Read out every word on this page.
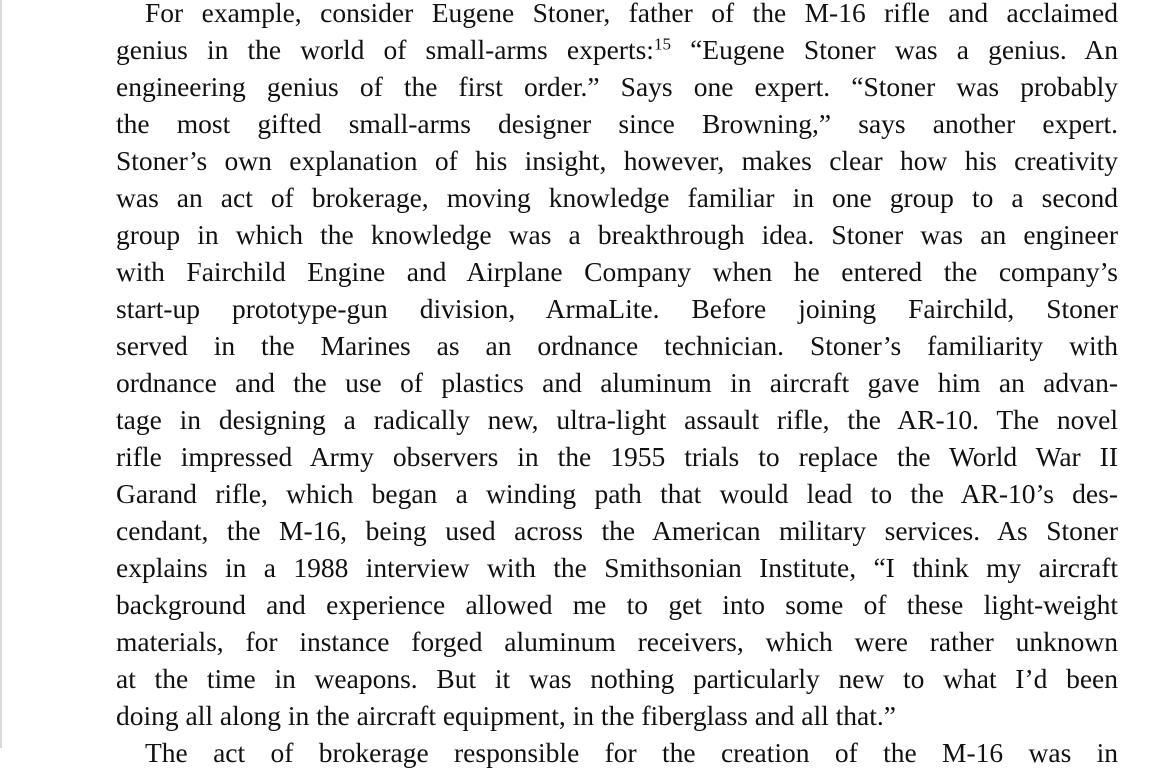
For example, consider Eugene Stoner, father of the M-16 rifle and acclaimed
genius in the world of small-arms experts:$^{15}$ “Eugene Stoner was a genius. An
engineering genius of the first order.” Says one expert. “Stoner was probably
the most gifted small-arms designer since Browning,” says another expert.
Stoner’s own explanation of his insight, however, makes clear how his creativity
was an act of brokerage, moving knowledge familiar in one group to a second
group in which the knowledge was a breakthrough idea. Stoner was an engineer
with Fairchild Engine and Airplane Company when he entered the company’s
start-up prototype-gun division, ArmaLite. Before joining Fairchild, Stoner
served in the Marines as an ordnance technician. Stoner’s familiarity with
ordnance and the use of plastics and aluminum in aircraft gave him an advan-
tage in designing a radically new, ultra-light assault rifle, the AR-10. The novel
rifle impressed Army observers in the 1955 trials to replace the World War II
Garand rifle, which began a winding path that would lead to the AR-10’s des-
cendant, the M-16, being used across the American military services. As Stoner
explains in a 1988 interview with the Smithsonian Institute, “I think my aircraft
background and experience allowed me to get into some of these light-weight
materials, for instance forged aluminum receivers, which were rather unknown
at the time in weapons. But it was nothing particularly new to what I’d been
doing all along in the aircraft equipment, in the fiberglass and all that.”
The act of brokerage responsible for the creation of the M-16 was in
